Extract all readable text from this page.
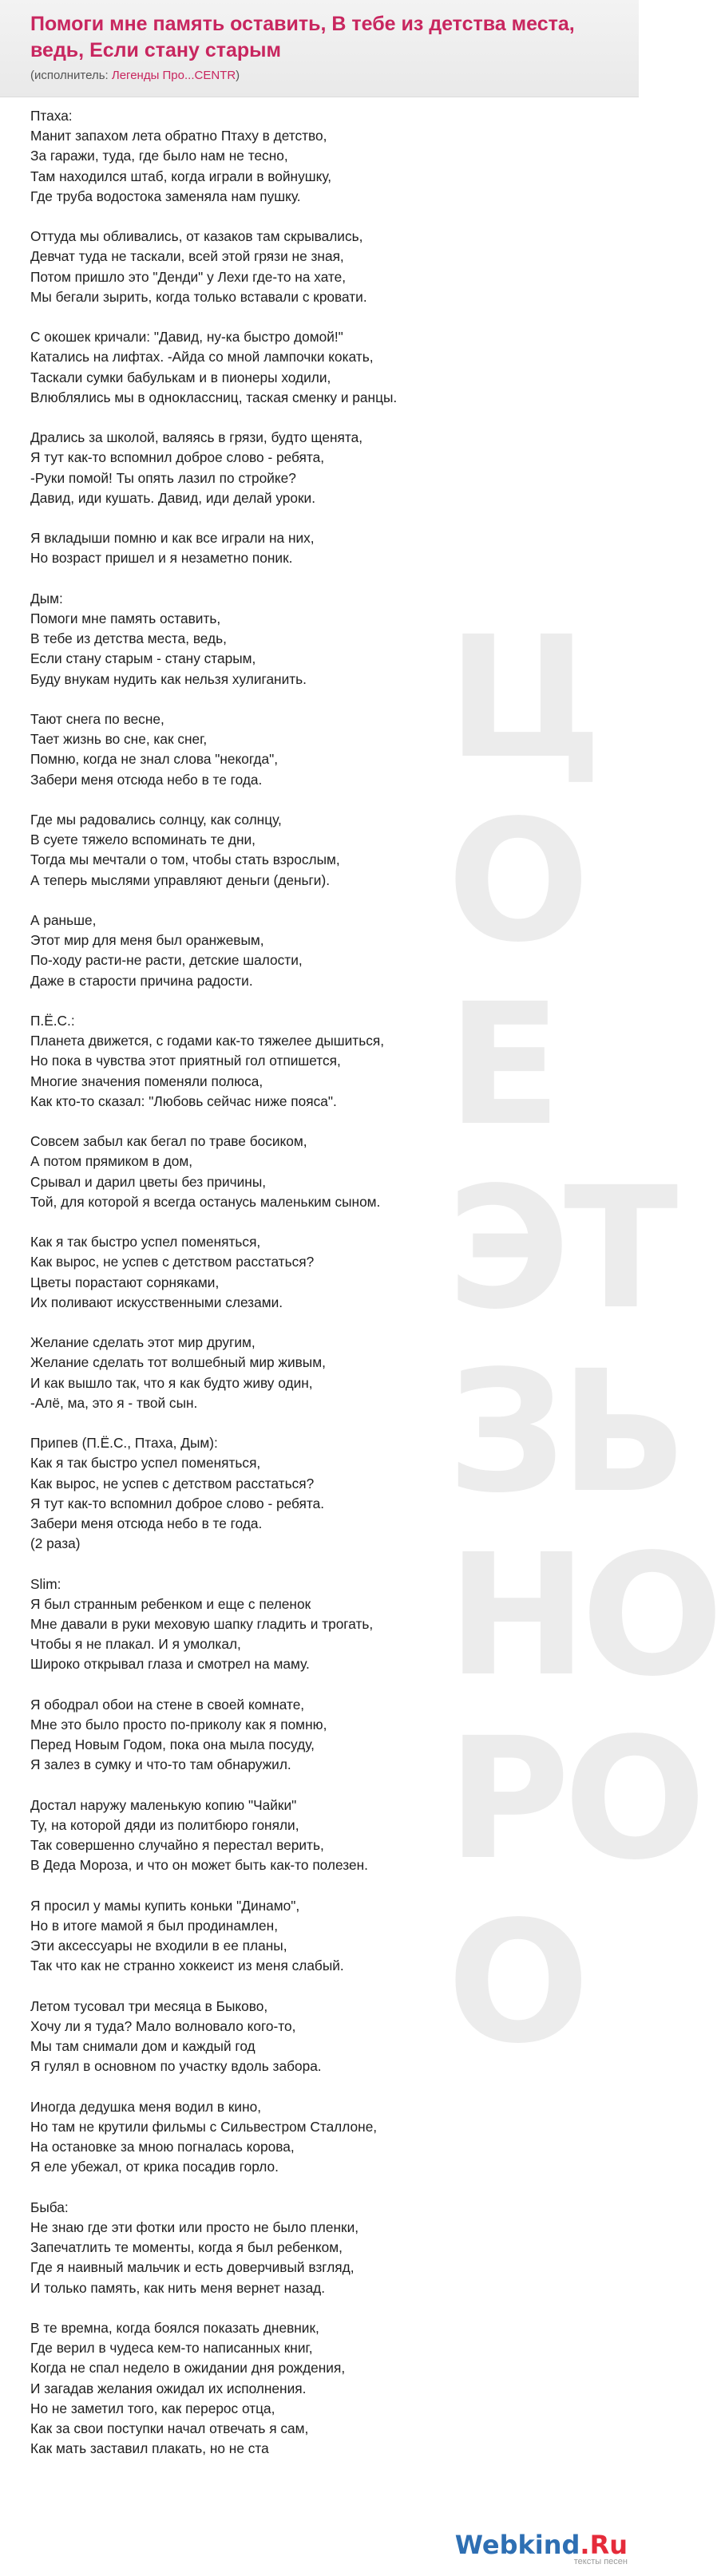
Помоги мне память оставить, В тебе из детства места, ведь, Если стану старым
(исполнитель: Легенды Про...CENTR)
Ц
О
Е
ЭТ
ЗЬ
НО
РО
О
Птаха:
Манит запахом лета обратно Птаху в детство,
За гаражи, туда, где было нам не тесно,
Там находился штаб, когда играли в войнушку,
Где труба водостока заменяла нам пушку.
Оттуда мы обливались, от казаков там скрывались,
Девчат туда не таскали, всей этой грязи не зная,
Потом пришло это "Денди" у Лехи где-то на хате,
Мы бегали зырить, когда только вставали с кровати.
С окошек кричали: "Давид, ну-ка быстро домой!"
Катались на лифтах. -Айда со мной лампочки кокать,
Таскали сумки бабулькам и в пионеры ходили,
Влюблялись мы в одноклассниц, таская сменку и ранцы.
Дрались за школой, валяясь в грязи, будто щенята,
Я тут как-то вспомнил доброе слово - ребята,
-Руки помой! Ты опять лазил по стройке?
Давид, иди кушать. Давид, иди делай уроки.
Я вкладыши помню и как все играли на них,
Но возраст пришел и я незаметно поник.
Дым:
Помоги мне память оставить,
В тебе из детства места, ведь,
Если стану старым - стану старым,
Буду внукам нудить как нельзя хулиганить.
Тают снега по весне,
Тает жизнь во сне, как снег,
Помню, когда не знал слова "некогда",
Забери меня отсюда небо в те года.
Где мы радовались солнцу, как солнцу,
В суете тяжело вспоминать те дни,
Тогда мы мечтали о том, чтобы стать взрослым,
А теперь мыслями управляют деньги (деньги).
А раньше,
Этот мир для меня был оранжевым,
По-ходу расти-не расти, детские шалости,
Даже в старости причина радости.
П.Ё.С.:
Планета движется, с годами как-то тяжелее дышиться,
Но пока в чувства этот приятный гол отпишется,
Многие значения поменяли полюса,
Как кто-то сказал: "Любовь сейчас ниже пояса".
Совсем забыл как бегал по траве босиком,
А потом прямиком в дом,
Срывал и дарил цветы без причины,
Той, для которой я всегда останусь маленьким сыном.
Как я так быстро успел поменяться,
Как вырос, не успев с детством расстаться?
Цветы порастают сорняками,
Их поливают искусственными слезами.
Желание сделать этот мир другим,
Желание сделать тот волшебный мир живым,
И как вышло так, что я как будто живу один,
-Алё, ма, это я - твой сын.
Припев (П.Ё.С., Птаха, Дым):
Как я так быстро успел поменяться,
Как вырос, не успев с детством расстаться?
Я тут как-то вспомнил доброе слово - ребята.
Забери меня отсюда небо в те года.
(2 раза)
Slim:
Я был странным ребенком и еще с пеленок
Мне давали в руки меховую шапку гладить и трогать,
Чтобы я не плакал. И я умолкал,
Широко открывал глаза и смотрел на маму.
Я ободрал обои на стене в своей комнате,
Мне это было просто по-приколу как я помню,
Перед Новым Годом, пока она мыла посуду,
Я залез в сумку и что-то там обнаружил.
Достал наружу маленькую копию "Чайки"
Ту, на которой дяди из политбюро гоняли,
Так совершенно случайно я перестал верить,
В Деда Мороза, и что он может быть как-то полезен.
Я просил у мамы купить коньки "Динамо",
Но в итоге мамой я был продинамлен,
Эти аксессуары не входили в ее планы,
Так что как не странно хоккеист из меня слабый.
Летом тусовал три месяца в Быково,
Хочу ли я туда? Мало волновало кого-то,
Мы там снимали дом и каждый год
Я гулял в основном по участку вдоль забора.
Иногда дедушка меня водил в кино,
Но там не крутили фильмы с Сильвестром Сталлоне,
На остановке за мною погналась корова,
Я еле убежал, от крика посадив горло.
Быба:
Не знаю где эти фотки или просто не было пленки,
Запечатлить те моменты, когда я был ребенком,
Где я наивный мальчик и есть доверчивый взгляд,
И только память, как нить меня вернет назад.
В те времна, когда боялся показать дневник,
Где верил в чудеса кем-то написанных книг,
Когда не спал недело в ожидании дня рождения,
И загадав желания ожидал их исполнения.
Но не заметил того, как перерос отца,
Как за свои поступки начал отвечать я сам,
Как мать заставил плакать, но не ста
Webkind.Ru
тексты песен
